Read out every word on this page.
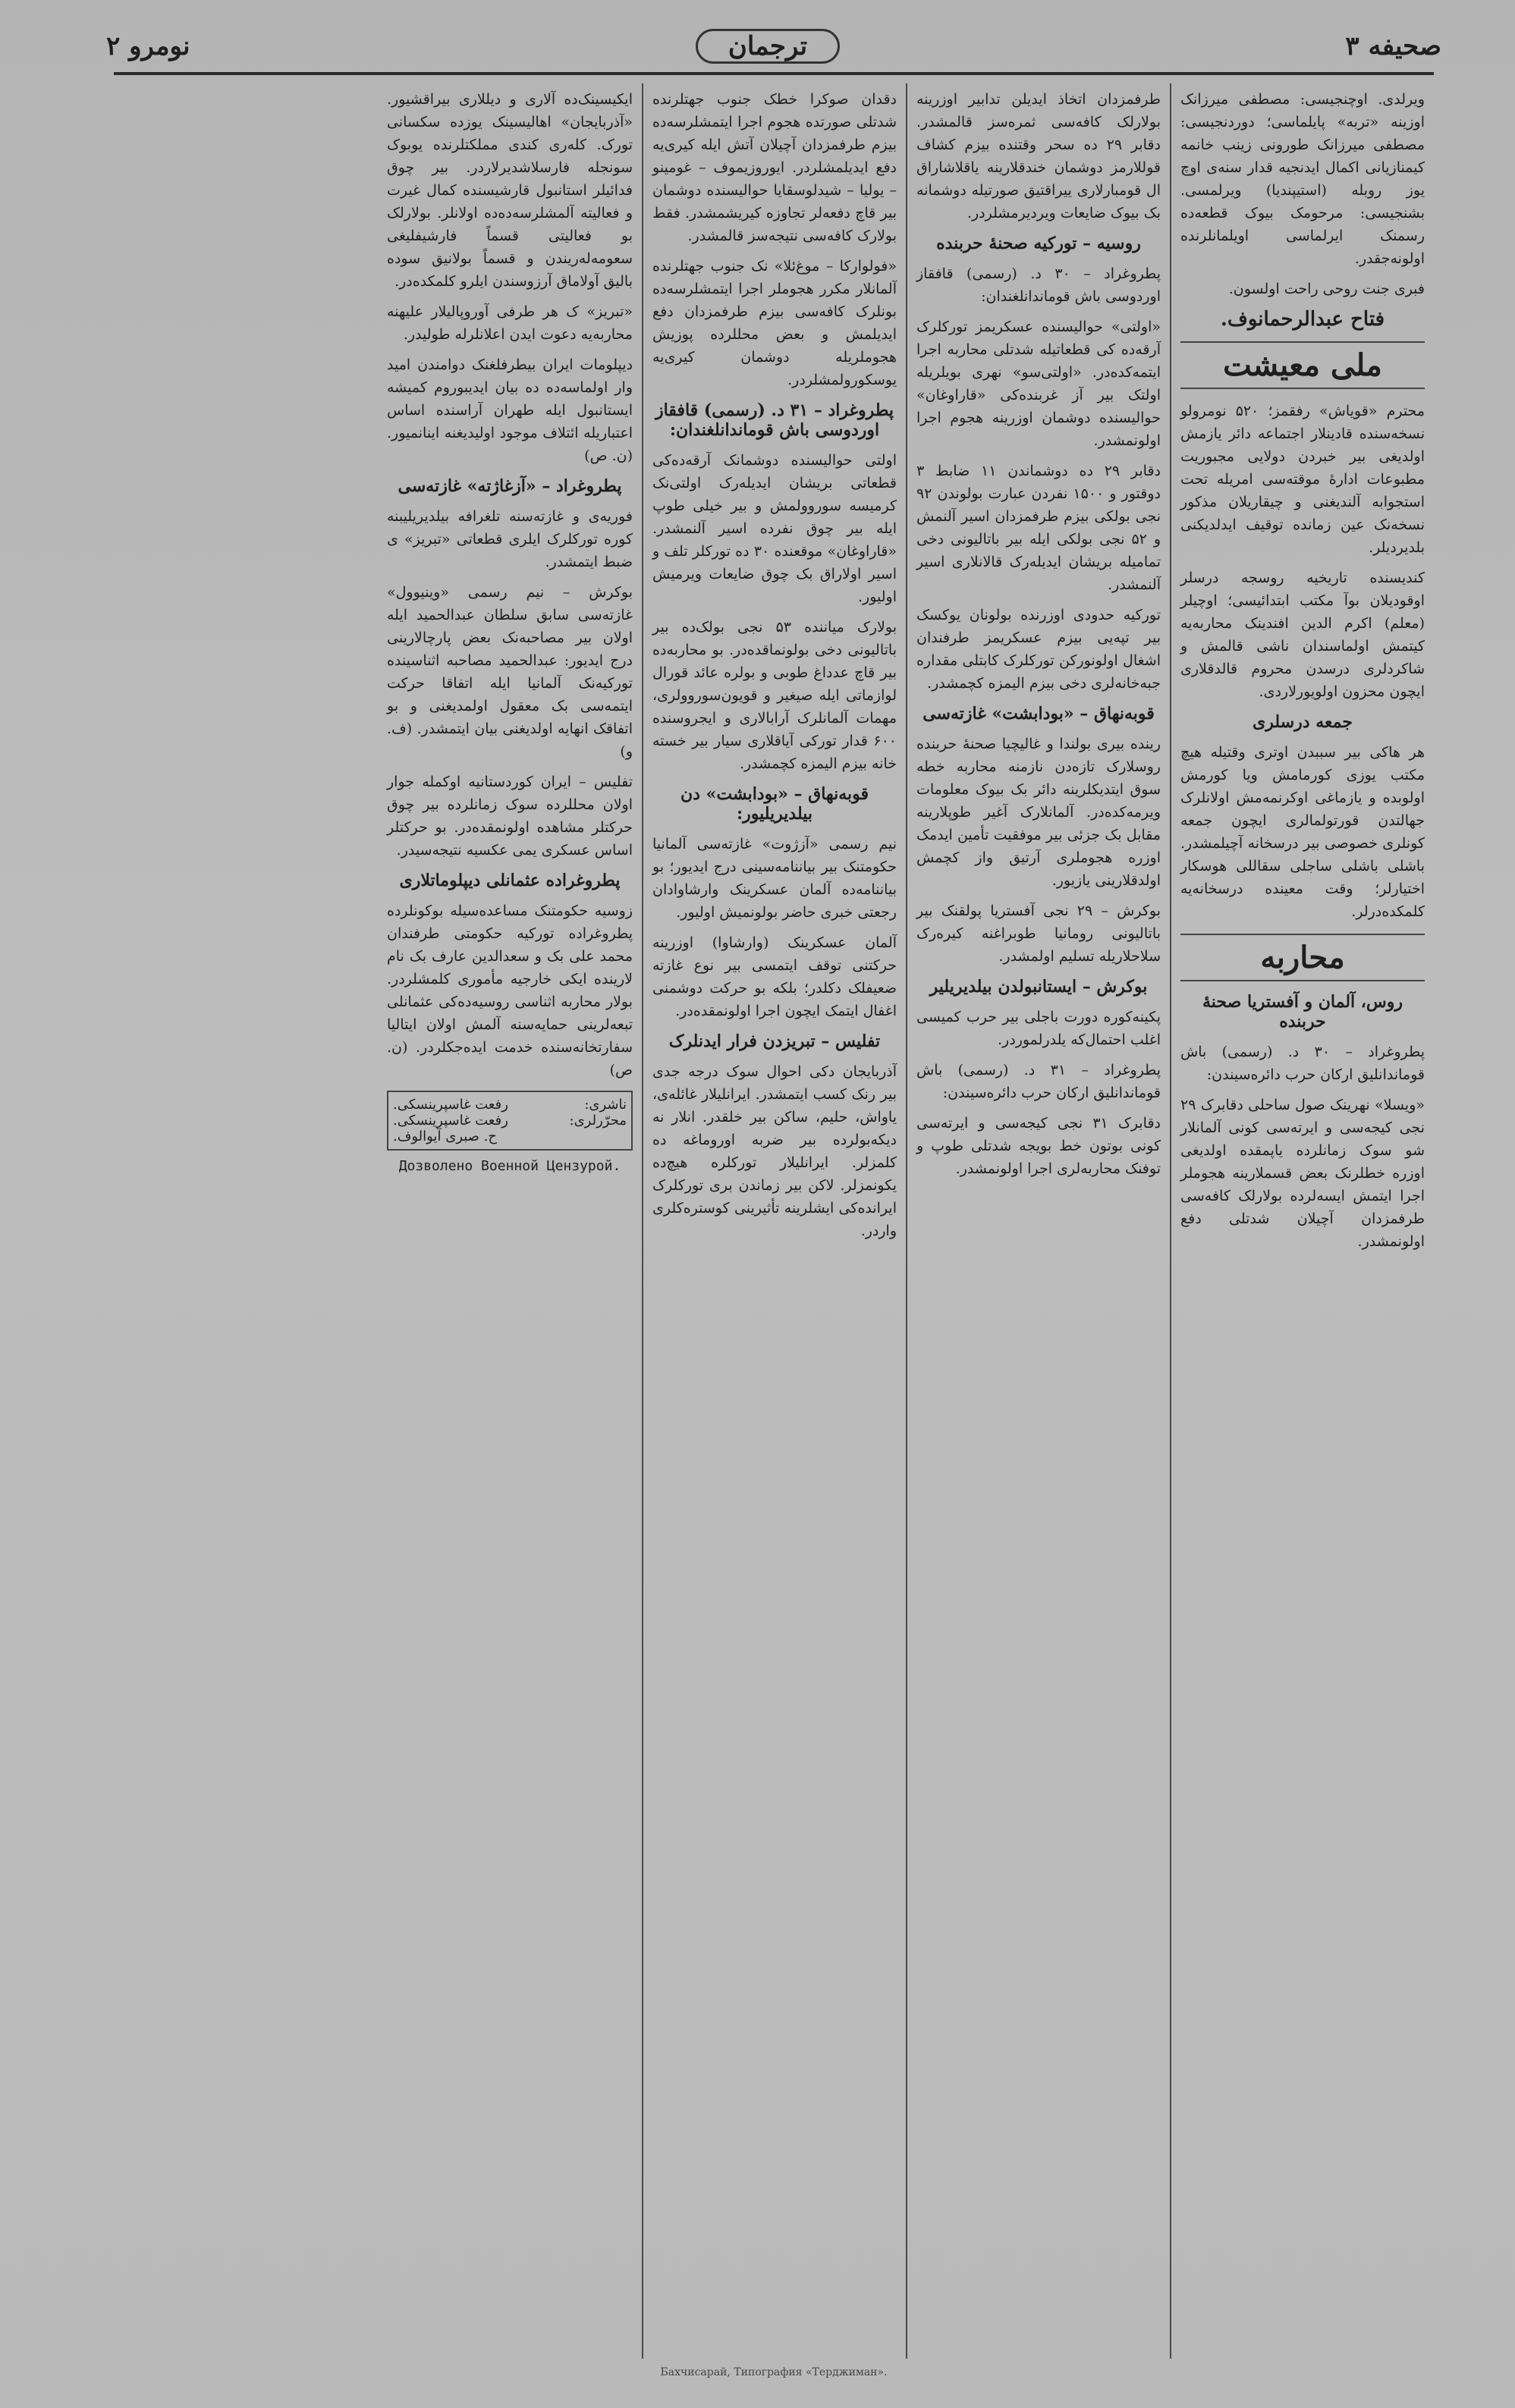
صحیفه ۳
ترجمان
نومرو ۲

ویرلدی. اوچنجیسی: مصطفی میرزانک اوزینه «تربه» پایلماسی؛ دوردنجیسی: مصطفی میرزانک طورونی زینب خانمه کیمنازیانی اکمال ایدنجیه قدار سنه‌ی اوچ یوز روبله (استیپندیا) ویرلمسی. بشنجیسی: مرحومک بیوک قطعه‌ده رسمنک ایرلماسی اویلمانلرنده اولونه‌جقدر.

فبری جنت روحی راحت اولسون.

فتاح عبدالرحمانوف.
ملی معیشت

محترم «قویاش» رفقمز؛ ۵۲۰ نومرولو نسخه‌سنده قادینلار اجتماعه دائر یازمش اولدیغی بیر خبردن دولایی مجبوریت مطبوعات ادارهٔ موقته‌سی امریله تحت استجوابه آلندیغنی و چیقاریلان مذکور نسخه‌نک عین زمانده توقیف ایدلدیکنی بلدیردیلر.

کندیسنده تاریخیه روسجه درسلر اوقودیلان بوآ مکتب ابتدائیسی؛ اوچیلر (معلم) اکرم الدین افندینک محاربه‌یه کیتمش اولماسندان ناشی قالمش و شاکردلری درسدن محروم قالدقلاری ایچون محزون اولویورلاردی.

جمعه درسلری

هر هاکی بیر سببدن اوتری وقتیله هیچ مکتب یوزی کورمامش ویا کورمش اولوبده و یازماغی اوکرنمه‌مش اولانلرک جهالتدن قورتولمالری ایچون جمعه کونلری خصوصی بیر درسخانه آچیلمشدر. باشلی باشلی ساجلی سقاللی هوسکار اختیارلر؛ وقت معینده درسخانه‌یه کلمکده‌درلر.

محاربه
روس، آلمان و آفستریا صحنهٔ حربنده

پطروغراد – ۳۰ د. (رسمی) باش قوماندانلیق ارکان حرب دائره‌سیندن:

«ویسلا» نهرینک صول ساحلی دقابرک ۲۹ نجی کیجه‌سی و ایرته‌سی کونی آلمانلار شو سوک زمانلرده یاپمقده اولدیغی اوزره خطلرنک بعض قسملارینه هجوملر اجرا ایتمش ایسه‌لرده بولارلک کافه‌سی طرفمزدان آچیلان شدتلی دفع اولونمشدر.

طرفمزدان اتخاذ ایدیلن تدابیر اوزرینه بولارلک کافه‌سی ثمره‌سز قالمشدر. دقابر ۲۹ ده سحر وقتنده بیزم کشاف قوللارمز دوشمان خندقلارینه یاقلاشاراق ال قومبارلاری ییراقتیق صورتیله دوشمانه بک بیوک ضایعات ویردیرمشلردر.

روسیه – تورکیه صحنهٔ حربنده

پطروغراد – ۳۰ د. (رسمی) قافقاز اوردوسی باش قوماندانلغندان:

«اولتی» حوالیسنده عسکریمز تورکلرک آرقه‌ده کی قطعاتیله شدتلی محاربه اجرا ایتمه‌کده‌در. «اولتی‌سو» نهری بویلریله اولتک بیر آز غربنده‌کی «قاراوغان» حوالیسنده دوشمان اوزرینه هجوم اجرا اولونمشدر.

دقابر ۲۹ ده دوشماندن ۱۱ ضابط ۳ دوقتور و ۱۵۰۰ نفردن عبارت بولوندن ۹۲ نجی بولکی بیزم طرفمزدان اسیر آلنمش و ۵۲ نجی بولکی ایله بیر باتالیونی دخی تمامیله بریشان ایدیله‌رک قالانلاری اسیر آلنمشدر.

تورکیه حدودی اوزرنده بولونان یوکسک بیر تپه‌یی بیزم عسکریمز طرفندان اشغال اولونورکن تورکلرک کابتلی مقداره جبه‌خانه‌لری دخی بیزم الیمزه کچمشدر.

قوبه‌نهاق – «بودابشت» غازته‌سی

رینده بیری بولندا و غالیچیا صحنهٔ حربنده روسلارک تازه‌دن نازمنه محاربه خطه سوق ایتدیکلرینه دائر بک بیوک معلومات ویرمه‌کده‌در. آلمانلارک آغیر طوپلارینه مقابل بک جزئی بیر موفقیت تأمین ایدمک اوزره هجوملری آرتیق واز کچمش اولدقلارینی یازیور.

بوکرش – ۲۹ نجی آفستریا پولقنک بیر باتالیونی رومانیا طوبراغنه کیره‌رک سلاحلاریله تسلیم اولمشدر.

بوکرش – ایستانبولدن بیلدیریلیر

پکینه‌کوره دورت باجلی بیر حرب کمیسی اغلب احتمال‌که یلدرلموردر.

پطروغراد – ۳۱ د. (رسمی) باش قوماندانلیق ارکان حرب دائره‌سیندن:

دقابرک ۳۱ نجی کیجه‌سی و ایرته‌سی کونی بوتون خط بویجه شدتلی طوپ و توفنک محاربه‌لری اجرا اولونمشدر.

دقدان صوکرا خطک جنوب جهتلرنده شدتلی صورتده هجوم اجرا ایتمشلرسه‌ده بیزم طرفمزدان آچیلان آتش ایله کیری‌یه دفع ایدیلمشلردر. ایوروزیموف – غومینو – یولیا – شیدلوسقایا حوالیسنده دوشمان بیر قاچ دفعه‌لر تجاوزه کیریشمشدر. فقط بولارک کافه‌سی نتیجه‌سز قالمشدر.

«فولوارکا – موغ‌ئلا» نک جنوب جهتلرنده آلمانلار مکرر هجوملر اجرا ایتمشلرسه‌ده بونلرک کافه‌سی بیزم طرفمزدان دفع ایدیلمش و بعض محللرده پوزیش هجوملریله دوشمان کیری‌یه یوسکورولمشلردر.

پطروغراد – ۳۱ د. (رسمی) قافقاز اوردوسی باش قوماندانلغندان:

اولتی حوالیسنده دوشمانک آرقه‌ده‌کی قطعاتی بریشان ایدیله‌رک اولتی‌نک کرمیسه سوروولمش و بیر خیلی طوپ ایله بیر چوق نفرده اسیر آلنمشدر. «قاراوغان» موقعنده ۳۰ ده تورکلر تلف و اسیر اولاراق بک چوق ضایعات ویرمیش اولیور.

بولارک میاننده ۵۳ نجی بولک‌ده بیر باتالیونی دخی بولونماقده‌در. بو محاربه‌ده بیر قاچ عدداغ طوبی و بولره عائد قورال لوازماتی ایله صیغیر و قویون‌سوروولری، مهمات آلمانلرک آرابالاری و ایجروسنده ۶۰۰ قدار تورکی آیاقلاری سیار بیر خسته خانه بیزم الیمزه کچمشدر.

قوبه‌نهاق – «بودابشت» دن بیلدیریلیور:

نیم رسمی «آزژوت» غازته‌سی آلمانیا حکومتنک بیر بیاننامه‌سینی درج ایدیور؛ بو بیاننامه‌ده آلمان عسکرینک وارشاوادان رجعتی خبری حاضر بولونمیش اولیور.

آلمان عسکرینک (وارشاوا) اوزرینه حرکتنی توقف ایتمسی بیر نوع غازته ضعیفلک دکلدر؛ بلکه بو حرکت دوشمنی اغفال ایتمک ایچون اجرا اولونمقده‌در.

تفلیس – تبریزدن فرار ایدنلرک

آذربایجان دکی احوال سوک درجه جدی بیر رنک کسب ایتمشدر. ایرانلیلار غائله‌ی، یاواش، حلیم، ساکن بیر خلقدر. انلار نه دیکه‌بولرده بیر ضربه اوروماغه ده کلمزلر. ایرانلیلار تورکلره هیچ‌ده یکونمزلر. لاکن بیر زماندن بری تورکلرک ایرانده‌کی ایشلرینه تأثیرینی کوستره‌کلری واردر.

ایکیسینک‌ده آلاری و دیللاری بیراقشیور. «آذربایجان» اهالیسینک یوزده سکسانی تورک. کله‌ری کندی مملکتلرنده یوبوک سونجله فارسلاشدیرلاردر. بیر چوق فدائیلر استانبول قارشیسنده کمال غیرت و فعالیته آلمشلرسه‌ده‌ده اولانلر. بولارلک بو فعالیتی قسماً فارشیفلیغی سعومه‌له‌ریندن و قسماً بولانیق سوده بالیق آولاماق آرزوسندن ایلرو کلمکده‌در.

«تبریز» ک هر طرفی آوروپالیلار علیهنه محاربه‌یه دعوت ایدن اعلانلرله طولیدر.

دیپلومات ایران بیطرفلغنک دوامندن امید وار اولماسه‌ده ده بیان ایدیبوروم کمیشه ایستانبول ایله طهران آراسنده اساس اعتباریله ائتلاف موجود اولیدیغنه اینانمیور. (ن. ص)

پطروغراد – «آزغاژته» غازته‌سی

فوریه‌ی و غازته‌سنه تلغرافه بیلدیریلیبنه کوره تورکلرک ایلری قطعاتی «تبریز» ی ضبط ایتمشدر.

بوکرش – نیم رسمی «وینیوول» غازته‌سی سابق سلطان عبدالحمید ایله اولان بیر مصاحبه‌نک بعض پارچالارینی درج ایدیور: عبدالحمید مصاحبه اثناسینده تورکیه‌نک آلمانیا ایله اتفاقا حرکت ایتمه‌سی بک معقول اولمدیغنی و بو اتفاقک انهایه اولدیغنی بیان ایتمشدر. (ف. و)

تفلیس – ایران کوردستانیه اوکمله جوار اولان محللرده سوک زمانلرده بیر چوق حرکتلر مشاهده اولونمقده‌در. بو حرکتلر اساس عسکری یمی عکسیه نتیجه‌سیدر.

پطروغراده عثمانلی دیپلوماتلاری

زوسیه حکومتنک مساعده‌سیله بوکونلرده پطروغراده تورکیه حکومتی طرفندان محمد علی بک و سعدالدین عارف بک نام لارینده ایکی خارجیه مأموری کلمشلردر. بولار محاربه اثناسی روسیه‌ده‌کی عثمانلی تبعه‌لرینی حمایه‌سنه آلمش اولان ایتالیا سفارتخانه‌سنده خدمت ایده‌جکلردر. (ن. ص)

ناشری:
رفعت غاسپرینسکی.
محرّرلری:
رفعت غاسپرینسکی.
ح. صبری آیوالوف.
Дозволено Военной Цензурой.
Бахчисарай, Типография «Терджиман».
